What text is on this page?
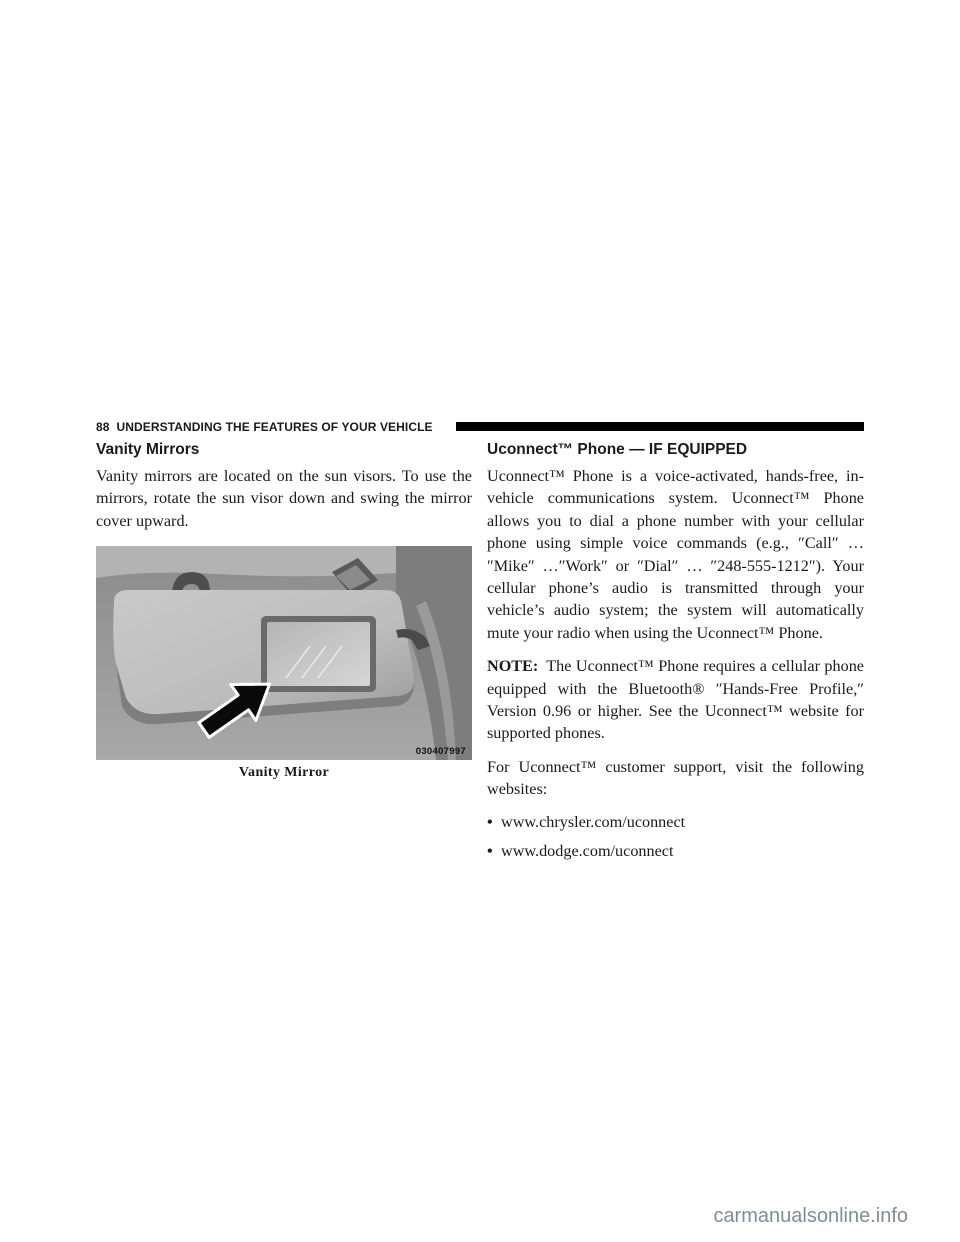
88 UNDERSTANDING THE FEATURES OF YOUR VEHICLE
Vanity Mirrors

Vanity mirrors are located on the sun visors. To use the mirrors, rotate the sun visor down and swing the mirror cover upward.

030407997
Vanity Mirror
Uconnect™ Phone — IF EQUIPPED

Uconnect™ Phone is a voice-activated, hands-free, in-vehicle communications system. Uconnect™ Phone allows you to dial a phone number with your cellular phone using simple voice commands (e.g., ″Call″ … ″Mike″ …″Work″ or ″Dial″ … ″248-555-1212″). Your cellular phone’s audio is transmitted through your vehicle’s audio system; the system will automatically mute your radio when using the Uconnect™ Phone.

NOTE: The Uconnect™ Phone requires a cellular phone equipped with the Bluetooth® ″Hands-Free Profile,″ Version 0.96 or higher. See the Uconnect™ website for supported phones.

For Uconnect™ customer support, visit the following websites:

• www.chrysler.com/uconnect
• www.dodge.com/uconnect
carmanualsonline.info
